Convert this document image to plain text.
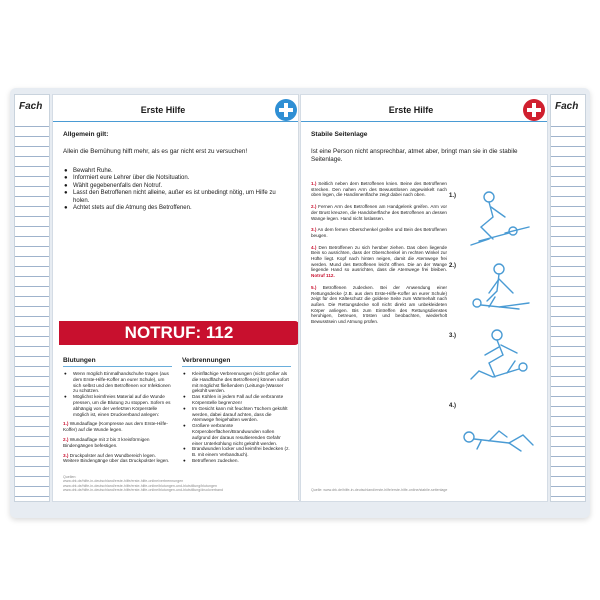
Fach	Fach
Erste Hilfe
Allgemein gilt:
Allein die Bemühung hilft mehr, als es gar nicht erst zu versuchen!
● Bewahrt Ruhe.
● Informiert eure Lehrer über die Notsituation.
● Wählt gegebenenfalls den Notruf.
● Lasst den Betroffenen nicht alleine, außer es ist unbedingt nötig, um Hilfe zu holen.
● Achtet stets auf die Atmung des Betroffenen.
NOTRUF: 112
Blutungen
● Wenn möglich Einmalhandschuhe tragen (aus dem Erste-Hilfe-Koffer an eurer Schule), um sich selbst und den Betroffenen vor Infektionen zu schützen.
● Möglichst keimfreies Material auf die Wunde pressen, um die Blutung zu stoppen. Sofern es abhängig von der verletzten Körperstelle möglich ist, einen Druckverband anlegen:
1.) Wundauflage (Kompresse aus dem Erste-Hilfe-Koffer) auf die Wunde legen.
2.) Wundauflage mit 2 bis 3 kreisförmigen Bindengängen befestigen.
3.) Druckpolster auf den Wundbereich legen. Weitere Bindengänge über das Druckpolster legen.
Verbrennungen
● Kleinflächige Verbrennungen (nicht größer als die Handfläche des Betroffenen) können sofort mit möglichst fließendem (Leitungs-)Wasser gekühlt werden.
● Das Kühlen in jedem Fall auf die verbrannte Körperstelle begrenzen!
● Im Gesicht kann mit feuchten Tüchern gekühlt werden, dabei darauf achten, dass die Atemwege freigehalten werden.
● Größere verbrannte Körperoberflächen/Brandwunden sollen aufgrund der daraus resultierenden Gefahr einer Unterkühlung nicht gekühlt werden.
● Brandwunden locker und keimfrei bedecken (z. B. mit einem Verbandtuch).
● Betroffenen zudecken.
Quellen:
www.drk.de/hilfe-in-deutschland/erste-hilfe/erste-hilfe-online/verbrennungen
www.drk.de/hilfe-in-deutschland/erste-hilfe/erste-hilfe-online/blutungen-und-blutstillung/blutungen
www.drk.de/hilfe-in-deutschland/erste-hilfe/erste-hilfe-online/blutungen-und-blutstillung/druckverband
Erste Hilfe
Stabile Seitenlage
Ist eine Person nicht ansprechbar, atmet aber, bringt man sie in die stabile Seitenlage.
1.) Seitlich neben dem Betroffenen knien. Beine des Betroffenen strecken. Den nahen Arm des Bewusstlosen angewinkelt nach oben legen, die Handinnenfläche zeigt dabei nach oben.
2.) Fernen Arm des Betroffenen am Handgelenk greifen. Arm vor der Brust kreuzen, die Handoberfläche des Betroffenen an dessen Wange legen. Hand nicht loslassen.
3.) An dem fernen Oberschenkel greifen und Bein des Betroffenen beugen.
4.) Den Betroffenen zu sich herüber ziehen. Das oben liegende Bein so ausrichten, dass der Oberschenkel im rechten Winkel zur Hüfte liegt. Kopf nach hinten neigen, damit die Atemwege frei werden. Mund des Betroffenen leicht öffnen. Die an der Wange liegende Hand so ausrichten, dass die Atemwege frei bleiben. Notruf 112.
5.) Betroffenen zudecken. Bei der Anwendung einer Rettungsdecke (z.B. aus dem Erste-Hilfe-Koffer an eurer Schule) zeigt für den Kälteschutz die goldene Seite zum Wärmehalt nach außen. Die Rettungsdecke soll nicht direkt am unbekleideten Körper anliegen. Bis zum Eintreffen des Rettungsdienstes heruhigen, betreuen, trösten und beobachten, wiederholt Bewusstsein und Atmung prüfen.
1.)
2.)
3.)
4.)
Quelle: www.drk.de/hilfe-in-deutschland/erste-hilfe/erste-hilfe-online/stabile-seitenlage
